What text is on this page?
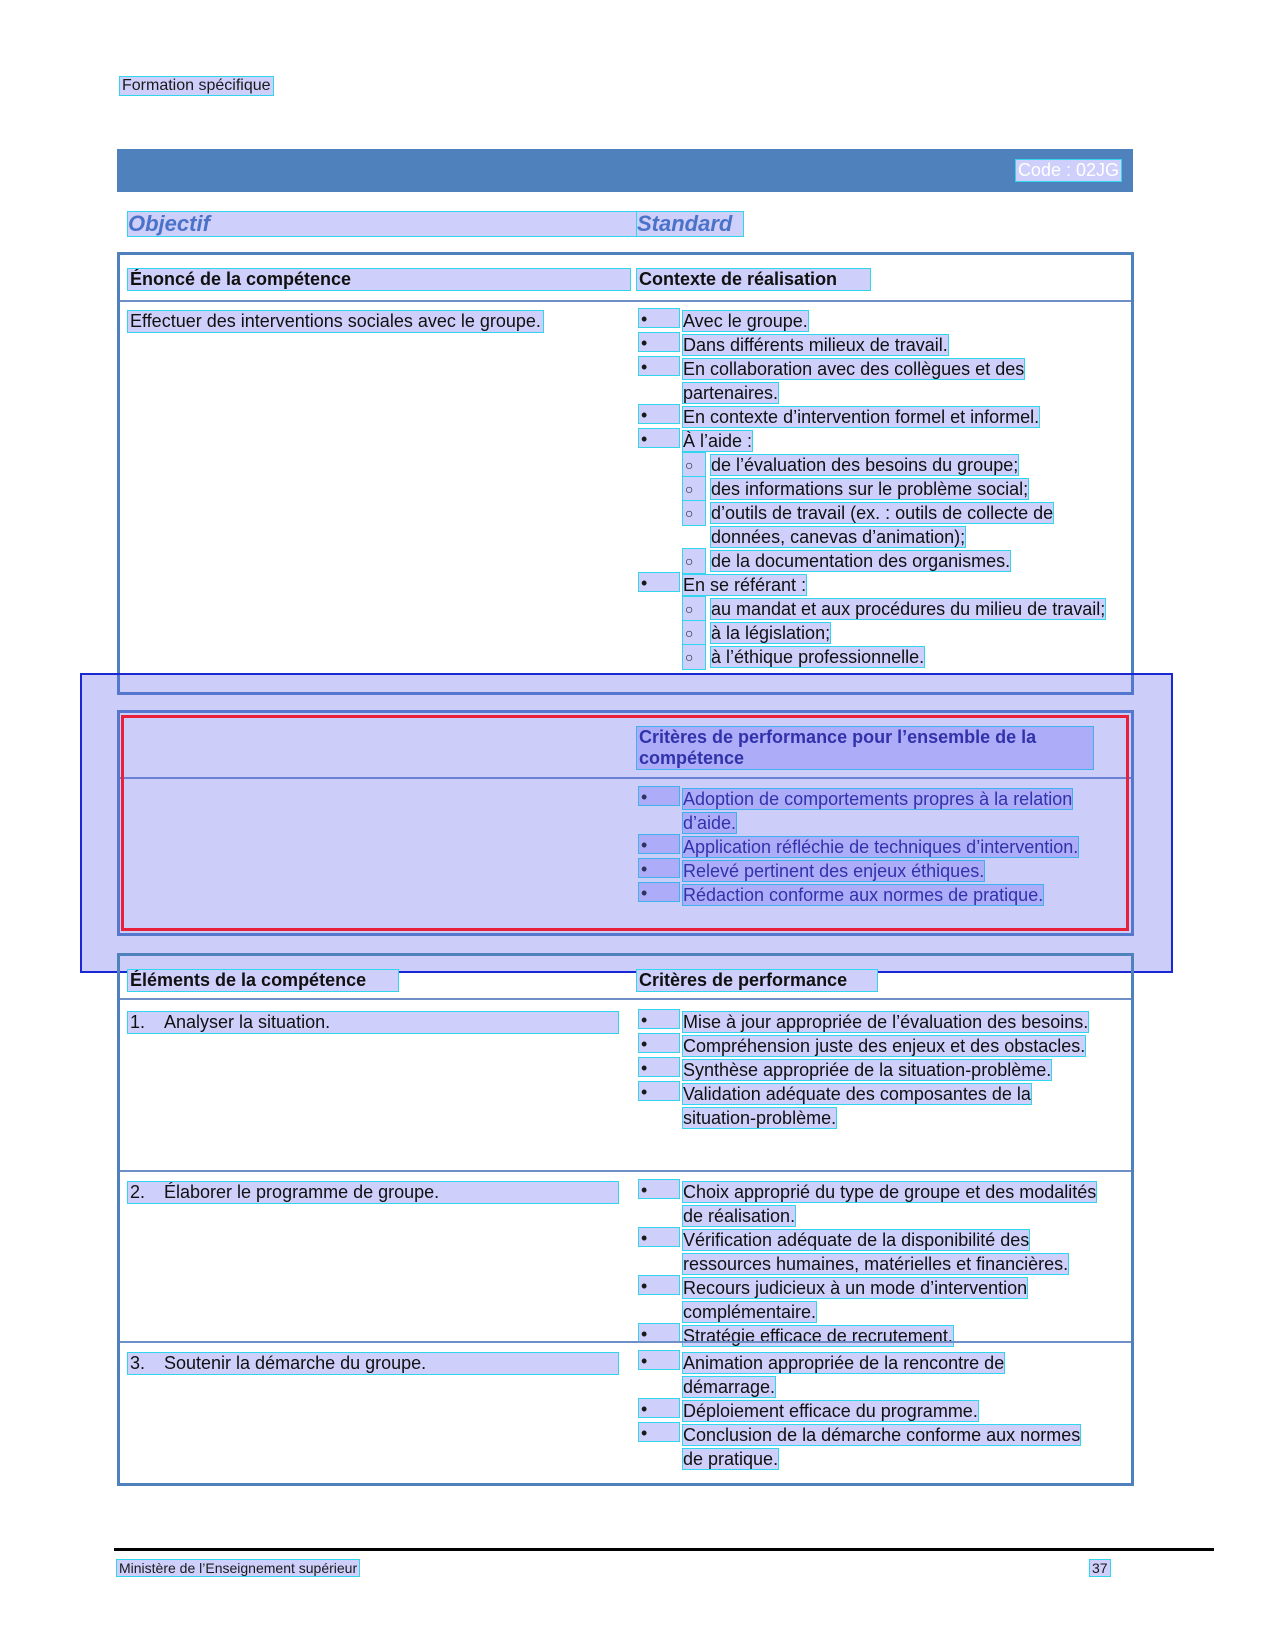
Formation spécifique
Code : 02JG
Objectif	Standard
Énoncé de la compétence	Contexte de réalisation
Effectuer des interventions sociales avec le groupe. •	Avec le groupe.
•
Dans différents milieux de travail.
•
En collaboration avec des collègues et des partenaires.
•
En contexte d’intervention formel et informel.
•
À l’aide :
○
de l’évaluation des besoins du groupe;
○
des informations sur le problème social;
○
d’outils de travail (ex. : outils de collecte de données, canevas d’animation);
○
de la documentation des organismes.
•
En se référant :
○
au mandat et aux procédures du milieu de travail;
○
à la législation;
○
à l’éthique professionnelle.
Critères de performance pour l’ensemble de la compétence
•
Adoption de comportements propres à la relation d’aide.
•
Application réfléchie de techniques d’intervention.
•
Relevé pertinent des enjeux éthiques.
•
Rédaction conforme aux normes de pratique.
Éléments de la compétence	Critères de performance
1. Analyser la situation. •	Mise à jour appropriée de l’évaluation des besoins.
•
Compréhension juste des enjeux et des obstacles.
•
Synthèse appropriée de la situation-problème.
•
Validation adéquate des composantes de la situation-problème.
2. Élaborer le programme de groupe. •	Choix approprié du type de groupe et des modalités de réalisation.
•
Vérification adéquate de la disponibilité des ressources humaines, matérielles et financières.
•
Recours judicieux à un mode d’intervention complémentaire.
•
Stratégie efficace de recrutement.
3. Soutenir la démarche du groupe. •	Animation appropriée de la rencontre de démarrage.
•
Déploiement efficace du programme.
•
Conclusion de la démarche conforme aux normes de pratique.
Ministère de l’Enseignement supérieur	37
